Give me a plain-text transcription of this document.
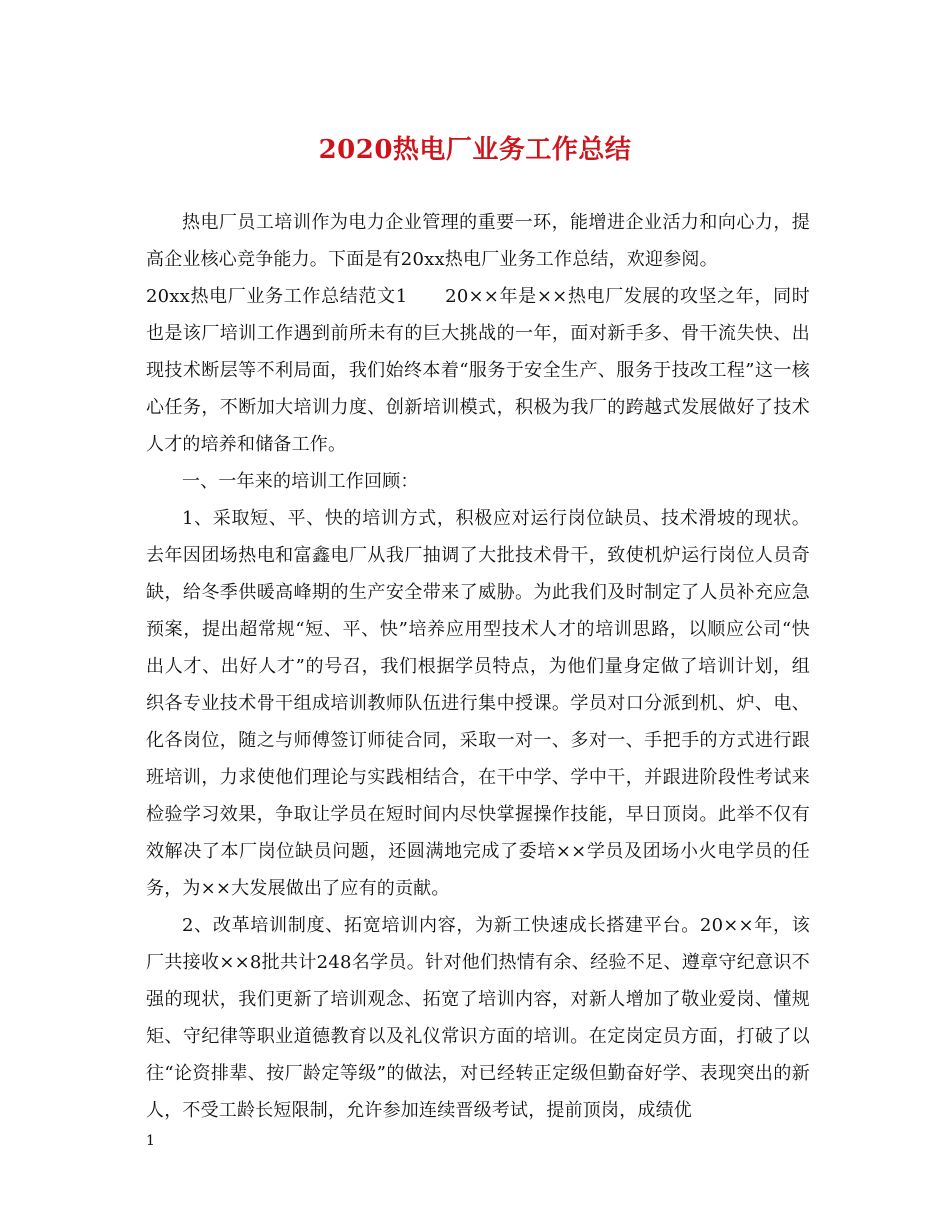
2020热电厂业务工作总结

热电厂员工培训作为电力企业管理的重要一环，能增进企业活力和向心力，提高企业核心竞争能力。下面是有20xx热电厂业务工作总结，欢迎参阅。

20xx热电厂业务工作总结范文1　　20××年是××热电厂发展的攻坚之年，同时也是该厂培训工作遇到前所未有的巨大挑战的一年，面对新手多、骨干流失快、出现技术断层等不利局面，我们始终本着“服务于安全生产、服务于技改工程”这一核心任务，不断加大培训力度、创新培训模式，积极为我厂的跨越式发展做好了技术人才的培养和储备工作。

一、一年来的培训工作回顾：

1、采取短、平、快的培训方式，积极应对运行岗位缺员、技术滑坡的现状。去年因团场热电和富鑫电厂从我厂抽调了大批技术骨干，致使机炉运行岗位人员奇缺，给冬季供暖高峰期的生产安全带来了威胁。为此我们及时制定了人员补充应急预案，提出超常规“短、平、快”培养应用型技术人才的培训思路，以顺应公司“快出人才、出好人才”的号召，我们根据学员特点，为他们量身定做了培训计划，组织各专业技术骨干组成培训教师队伍进行集中授课。学员对口分派到机、炉、电、化各岗位，随之与师傅签订师徒合同，采取一对一、多对一、手把手的方式进行跟班培训，力求使他们理论与实践相结合，在干中学、学中干，并跟进阶段性考试来检验学习效果，争取让学员在短时间内尽快掌握操作技能，早日顶岗。此举不仅有效解决了本厂岗位缺员问题，还圆满地完成了委培××学员及团场小火电学员的任务，为××大发展做出了应有的贡献。

2、改革培训制度、拓宽培训内容，为新工快速成长搭建平台。20××年，该厂共接收××8批共计248名学员。针对他们热情有余、经验不足、遵章守纪意识不强的现状，我们更新了培训观念、拓宽了培训内容，对新人增加了敬业爱岗、懂规矩、守纪律等职业道德教育以及礼仪常识方面的培训。在定岗定员方面，打破了以往“论资排辈、按厂龄定等级”的做法，对已经转正定级但勤奋好学、表现突出的新人，不受工龄长短限制，允许参加连续晋级考试，提前顶岗，成绩优

1
